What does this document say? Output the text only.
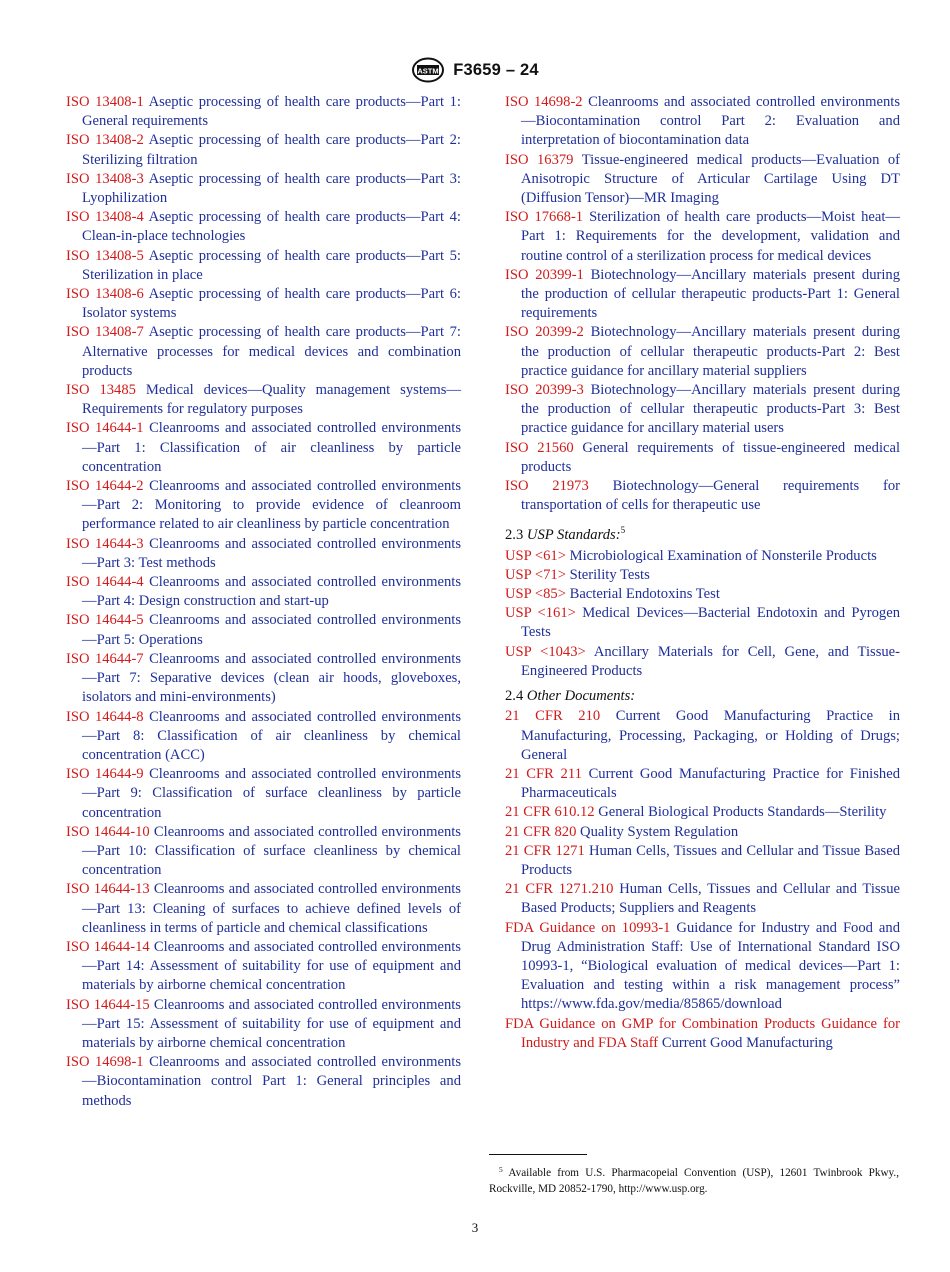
ASTM F3659 – 24

ISO 13408-1 Aseptic processing of health care products—Part 1: General requirements

ISO 13408-2 Aseptic processing of health care products—Part 2: Sterilizing filtration

ISO 13408-3 Aseptic processing of health care products—Part 3: Lyophilization

ISO 13408-4 Aseptic processing of health care products—Part 4: Clean-in-place technologies

ISO 13408-5 Aseptic processing of health care products—Part 5: Sterilization in place

ISO 13408-6 Aseptic processing of health care products—Part 6: Isolator systems

ISO 13408-7 Aseptic processing of health care products—Part 7: Alternative processes for medical devices and combination products

ISO 13485 Medical devices—Quality management systems—Requirements for regulatory purposes

ISO 14644-1 Cleanrooms and associated controlled environments—Part 1: Classification of air cleanliness by particle concentration

ISO 14644-2 Cleanrooms and associated controlled environments—Part 2: Monitoring to provide evidence of cleanroom performance related to air cleanliness by particle concentration

ISO 14644-3 Cleanrooms and associated controlled environments—Part 3: Test methods

ISO 14644-4 Cleanrooms and associated controlled environments—Part 4: Design construction and start-up

ISO 14644-5 Cleanrooms and associated controlled environments—Part 5: Operations

ISO 14644-7 Cleanrooms and associated controlled environments—Part 7: Separative devices (clean air hoods, gloveboxes, isolators and mini-environments)

ISO 14644-8 Cleanrooms and associated controlled environments—Part 8: Classification of air cleanliness by chemical concentration (ACC)

ISO 14644-9 Cleanrooms and associated controlled environments—Part 9: Classification of surface cleanliness by particle concentration

ISO 14644-10 Cleanrooms and associated controlled environments—Part 10: Classification of surface cleanliness by chemical concentration

ISO 14644-13 Cleanrooms and associated controlled environments—Part 13: Cleaning of surfaces to achieve defined levels of cleanliness in terms of particle and chemical classifications

ISO 14644-14 Cleanrooms and associated controlled environments—Part 14: Assessment of suitability for use of equipment and materials by airborne chemical concentration

ISO 14644-15 Cleanrooms and associated controlled environments—Part 15: Assessment of suitability for use of equipment and materials by airborne chemical concentration

ISO 14698-1 Cleanrooms and associated controlled environments—Biocontamination control Part 1: General principles and methods

ISO 14698-2 Cleanrooms and associated controlled environments—Biocontamination control Part 2: Evaluation and interpretation of biocontamination data

ISO 16379 Tissue-engineered medical products—Evaluation of Anisotropic Structure of Articular Cartilage Using DT (Diffusion Tensor)—MR Imaging

ISO 17668-1 Sterilization of health care products—Moist heat—Part 1: Requirements for the development, validation and routine control of a sterilization process for medical devices

ISO 20399-1 Biotechnology—Ancillary materials present during the production of cellular therapeutic products-Part 1: General requirements

ISO 20399-2 Biotechnology—Ancillary materials present during the production of cellular therapeutic products-Part 2: Best practice guidance for ancillary material suppliers

ISO 20399-3 Biotechnology—Ancillary materials present during the production of cellular therapeutic products-Part 3: Best practice guidance for ancillary material users

ISO 21560 General requirements of tissue-engineered medical products

ISO 21973 Biotechnology—General requirements for transportation of cells for therapeutic use

2.3 USP Standards:$^5$

USP <61> Microbiological Examination of Nonsterile Products

USP <71> Sterility Tests

USP <85> Bacterial Endotoxins Test

USP <161> Medical Devices—Bacterial Endotoxin and Pyrogen Tests

USP <1043> Ancillary Materials for Cell, Gene, and Tissue-Engineered Products

2.4 Other Documents:

21 CFR 210 Current Good Manufacturing Practice in Manufacturing, Processing, Packaging, or Holding of Drugs; General

21 CFR 211 Current Good Manufacturing Practice for Finished Pharmaceuticals

21 CFR 610.12 General Biological Products Standards—Sterility

21 CFR 820 Quality System Regulation

21 CFR 1271 Human Cells, Tissues and Cellular and Tissue Based Products

21 CFR 1271.210 Human Cells, Tissues and Cellular and Tissue Based Products; Suppliers and Reagents

FDA Guidance on 10993-1 Guidance for Industry and Food and Drug Administration Staff: Use of International Standard ISO 10993-1, “Biological evaluation of medical devices—Part 1: Evaluation and testing within a risk management process” https://www.fda.gov/media/85865/download

FDA Guidance on GMP for Combination Products Guidance for Industry and FDA Staff Current Good Manufacturing

$^5$ Available from U.S. Pharmacopeial Convention (USP), 12601 Twinbrook Pkwy., Rockville, MD 20852-1790, http://www.usp.org.
3
